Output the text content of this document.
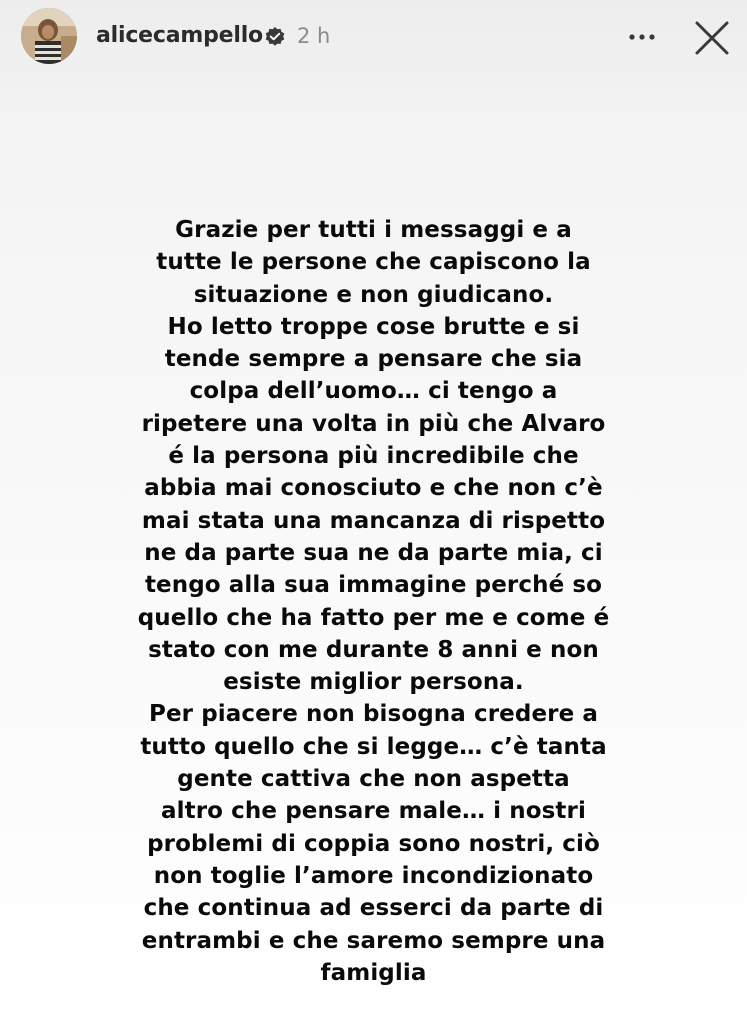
alicecampello 2 h

Grazie per tutti i messaggi e a
tutte le persone che capiscono la
situazione e non giudicano.
Ho letto troppe cose brutte e si
tende sempre a pensare che sia
colpa dell’uomo… ci tengo a
ripetere una volta in più che Alvaro
é la persona più incredibile che
abbia mai conosciuto e che non c’è
mai stata una mancanza di rispetto
ne da parte sua ne da parte mia, ci
tengo alla sua immagine perché so
quello che ha fatto per me e come é
stato con me durante 8 anni e non
esiste miglior persona.
Per piacere non bisogna credere a
tutto quello che si legge… c’è tanta
gente cattiva che non aspetta
altro che pensare male… i nostri
problemi di coppia sono nostri, ciò
non toglie l’amore incondizionato
che continua ad esserci da parte di
entrambi e che saremo sempre una
famiglia
